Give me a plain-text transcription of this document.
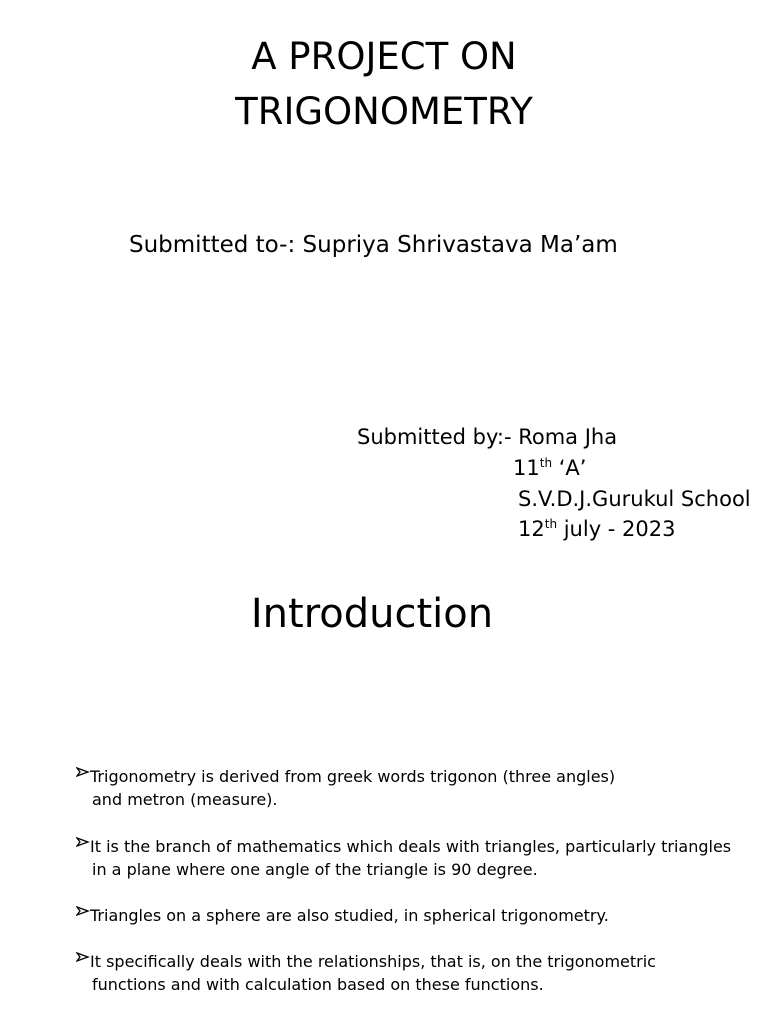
A PROJECT ON
TRIGONOMETRY
Submitted to-: Supriya Shrivastava Ma’am
Submitted by:- Roma Jha
11th ‘A’
S.V.D.J.Gurukul School
12th july - 2023
Introduction
Trigonometry is derived from greek words trigonon (three angles)
and metron (measure).
It is the branch of mathematics which deals with triangles, particularly triangles
in a plane where one angle of the triangle is 90 degree.
Triangles on a sphere are also studied, in spherical trigonometry.
It specifically deals with the relationships, that is, on the trigonometric
functions and with calculation based on these functions.
